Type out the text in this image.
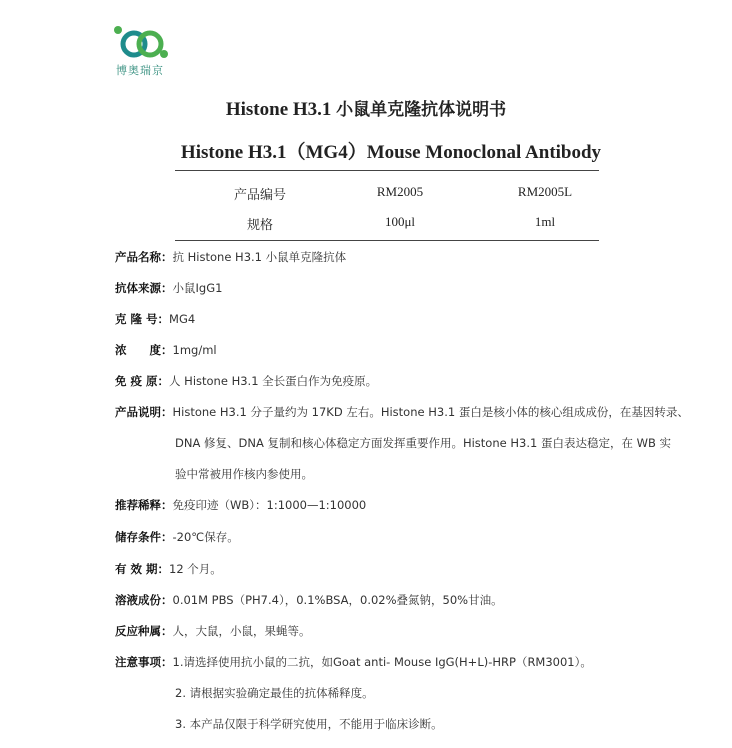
博奥瑞京
Histone H3.1 小鼠单克隆抗体说明书
Histone H3.1（MG4）Mouse Monoclonal Antibody
产品编号	RM2005	RM2005L
规格	100μl	1ml
产品名称：抗 Histone H3.1 小鼠单克隆抗体
抗体来源：小鼠IgG1
克 隆 号：MG4
浓　　度：1mg/ml
免 疫 原：人 Histone H3.1 全长蛋白作为免疫原。
产品说明：Histone H3.1 分子量约为 17KD 左右。Histone H3.1 蛋白是核小体的核心组成成份，在基因转录、
DNA 修复、DNA 复制和核心体稳定方面发挥重要作用。Histone H3.1 蛋白表达稳定，在 WB 实
验中常被用作核内参使用。
推荐稀释：免疫印迹（WB）：1:1000—1:10000
储存条件：-20℃保存。
有 效 期：12 个月。
溶液成份：0.01M PBS（PH7.4），0.1%BSA，0.02%叠氮钠，50%甘油。
反应种属：人，大鼠，小鼠，果蝇等。
注意事项：1.请选择使用抗小鼠的二抗，如Goat anti- Mouse IgG(H+L)-HRP（RM3001）。
2. 请根据实验确定最佳的抗体稀释度。
3. 本产品仅限于科学研究使用，不能用于临床诊断。
